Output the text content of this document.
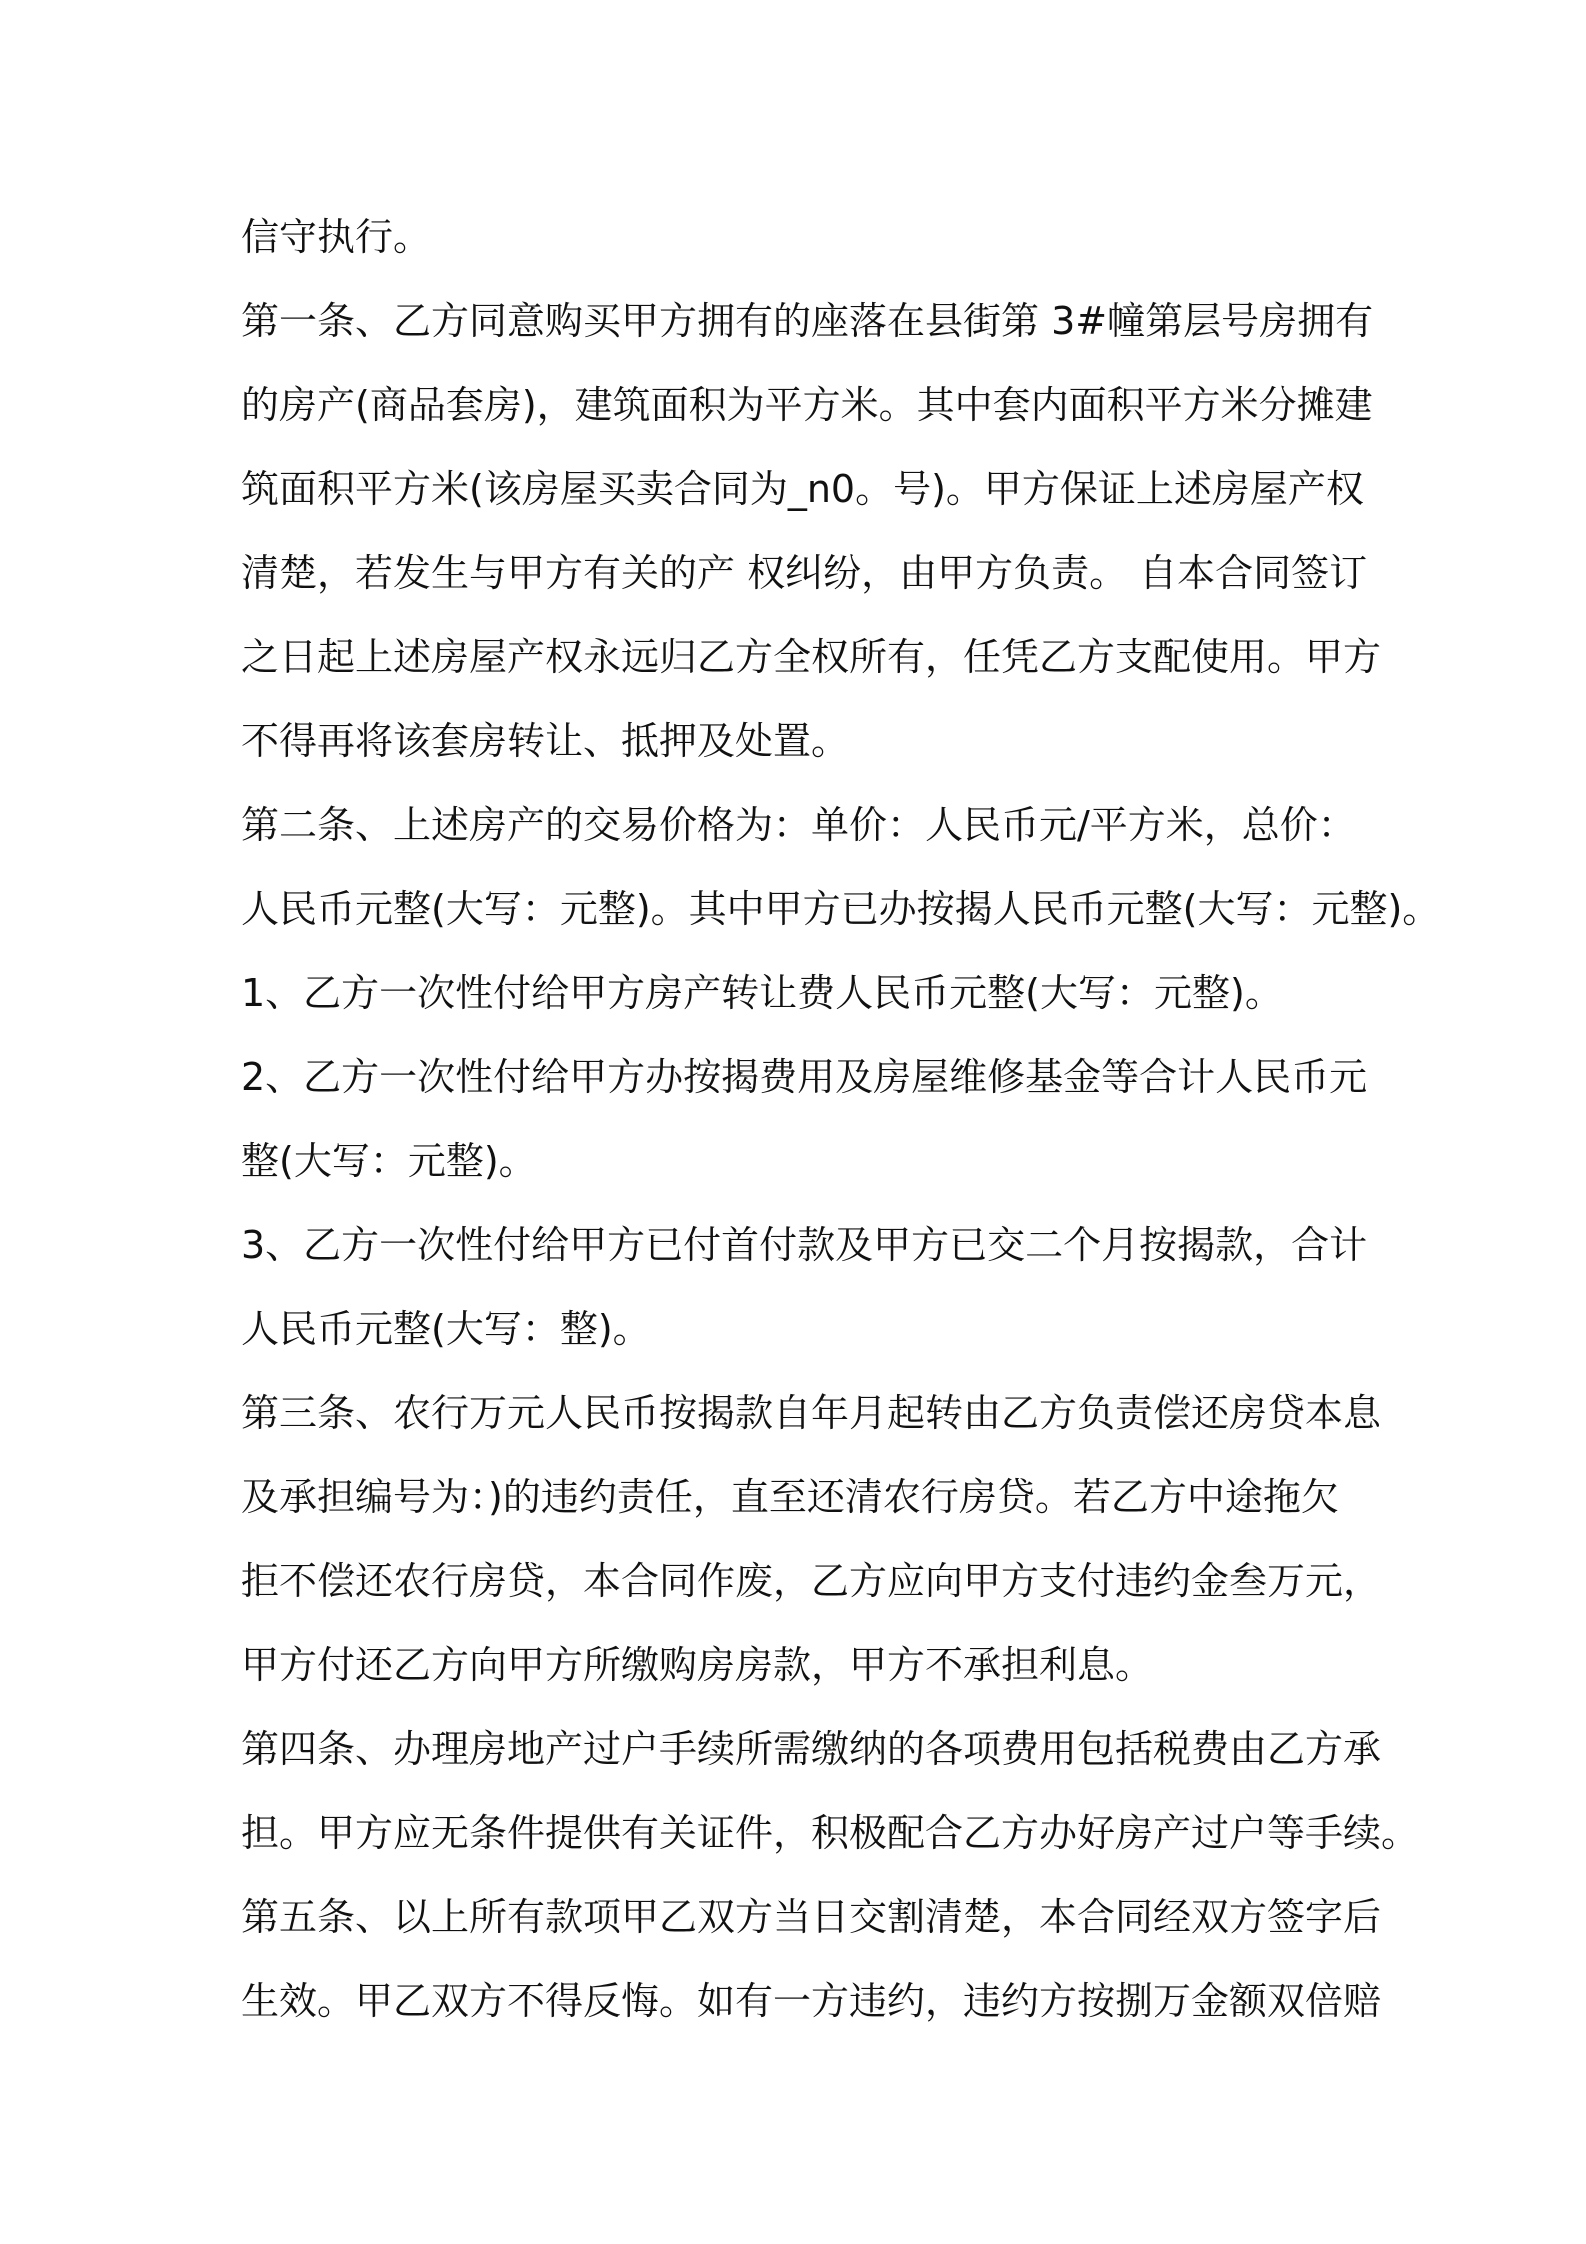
信守执行。
第一条、乙方同意购买甲方拥有的座落在县街第 3#幢第层号房拥有
的房产(商品套房)，建筑面积为平方米。其中套内面积平方米分摊建
筑面积平方米(该房屋买卖合同为_n0。号)。甲方保证上述房屋产权
清楚，若发生与甲方有关的产 权纠纷，由甲方负责。 自本合同签订
之日起上述房屋产权永远归乙方全权所有，任凭乙方支配使用。甲方
不得再将该套房转让、抵押及处置。
第二条、上述房产的交易价格为：单价：人民币元/平方米，总价：
人民币元整(大写：元整)。其中甲方已办按揭人民币元整(大写：元整)。
1、乙方一次性付给甲方房产转让费人民币元整(大写：元整)。
2、乙方一次性付给甲方办按揭费用及房屋维修基金等合计人民币元
整(大写：元整)。
3、乙方一次性付给甲方已付首付款及甲方已交二个月按揭款，合计
人民币元整(大写：整)。
第三条、农行万元人民币按揭款自年月起转由乙方负责偿还房贷本息
及承担编号为：)的违约责任，直至还清农行房贷。若乙方中途拖欠
拒不偿还农行房贷，本合同作废，乙方应向甲方支付违约金叁万元，
甲方付还乙方向甲方所缴购房房款，甲方不承担利息。
第四条、办理房地产过户手续所需缴纳的各项费用包括税费由乙方承
担。甲方应无条件提供有关证件，积极配合乙方办好房产过户等手续。
第五条、以上所有款项甲乙双方当日交割清楚，本合同经双方签字后
生效。甲乙双方不得反悔。如有一方违约，违约方按捌万金额双倍赔
